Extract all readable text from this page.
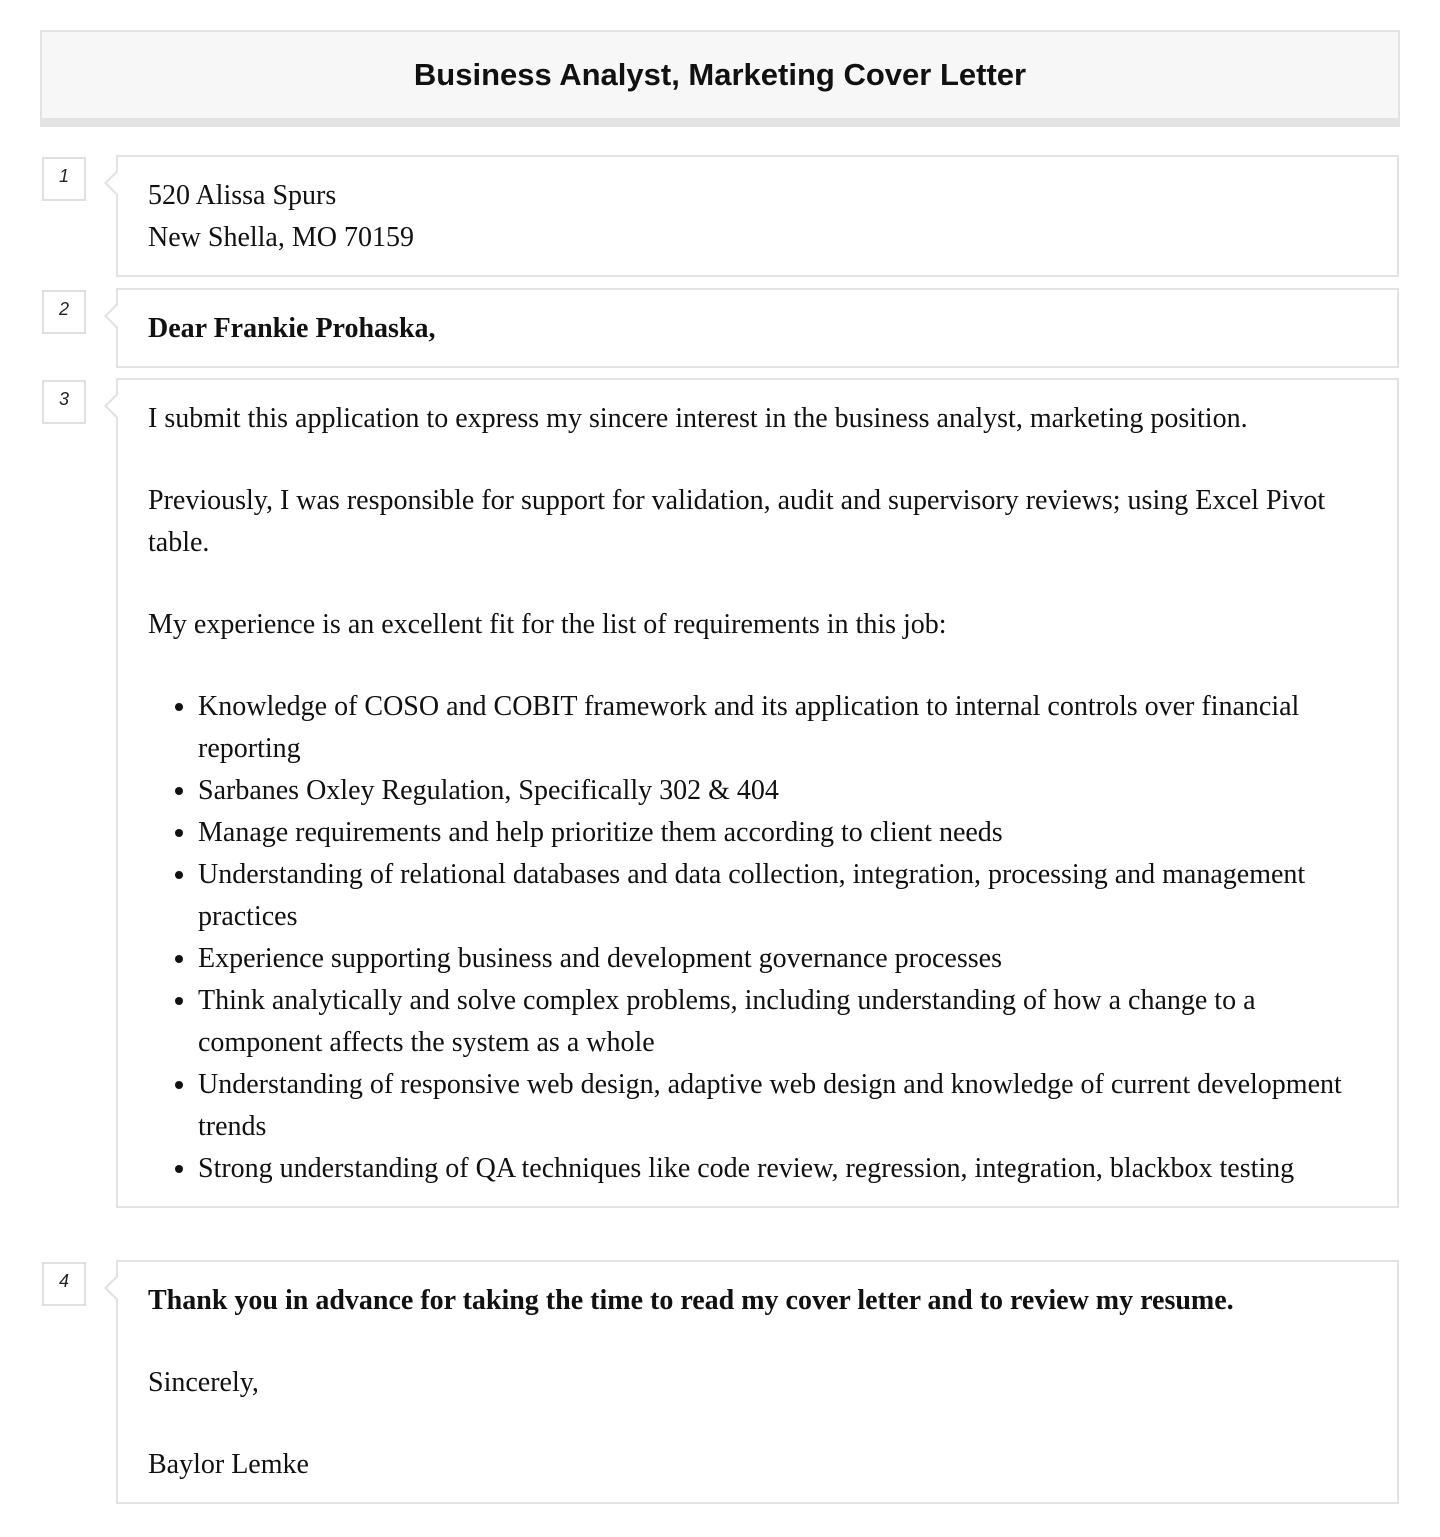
Business Analyst, Marketing Cover Letter
1

520 Alissa Spurs

New Shella, MO 70159

2

Dear Frankie Prohaska,

3

I submit this application to express my sincere interest in the business analyst, marketing position.

Previously, I was responsible for support for validation, audit and supervisory reviews; using Excel Pivot table.

My experience is an excellent fit for the list of requirements in this job:

• Knowledge of COSO and COBIT framework and its application to internal controls over financial reporting
• Sarbanes Oxley Regulation, Specifically 302 & 404
• Manage requirements and help prioritize them according to client needs
• Understanding of relational databases and data collection, integration, processing and management practices
• Experience supporting business and development governance processes
• Think analytically and solve complex problems, including understanding of how a change to a component affects the system as a whole
• Understanding of responsive web design, adaptive web design and knowledge of current development trends
• Strong understanding of QA techniques like code review, regression, integration, blackbox testing
4

Thank you in advance for taking the time to read my cover letter and to review my resume.

Sincerely,

Baylor Lemke
